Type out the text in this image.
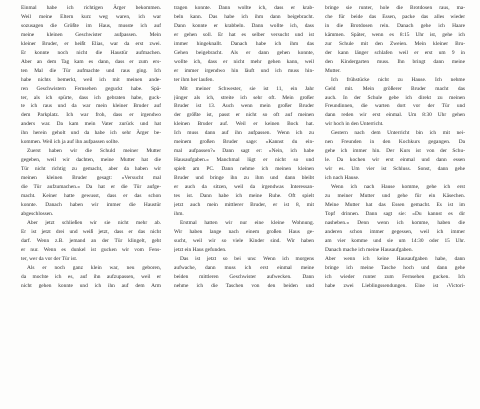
Einmal habe ich richtigen Ärger bekommen.
Weil meine Eltern kurz weg waren, ich war
sozusagen die Größte im Haus, musste ich auf
meine kleinen Geschwister aufpassen. Mein
kleiner Bruder, er heißt Elias, war da erst zwei.
Er konnte noch nicht die Haustür aufmachen.
Aber an dem Tag kam es dann, dass er zum ers-
ten Mal die Tür aufmachte und raus ging. Ich
habe nichts bemerkt, weil ich mit meinen ande-
ren Geschwistern Fernsehen geguckt habe. Spä-
ter, als ich spürte, dass ich gebraten habe, guck-
te ich raus und da war mein kleiner Bruder auf
dem Parkplatz. Ich war froh, dass er irgendwo
anders war. Da kam mein Vater zurück und hat
ihn herein geholt und da habe ich sehr Ärger be-
kommen. Weil ich ja auf ihn aufpassen sollte.
Zuerst haben wir die Schuld meiner Mutter
gegeben, weil wir dachten, meine Mutter hat die
Tür nicht richtig zu gemacht, aber da haben wir
meinen kleinen Bruder gesagt: »Versucht mal
die Tür aufzumachen.« Da hat er die Tür aufge-
macht. Keiner hatte gewusst, dass er das schon
konnte. Danach haben wir immer die Haustür
abgeschlossen.
Aber jetzt schließen wir sie nicht mehr ab.
Er ist jetzt drei und weiß jetzt, dass er das nicht
darf. Wenn z.B. jemand an der Tür klingelt, geht
er nur. Wenn es dunkel ist gucken wir vom Fens-
ter, wer da vor der Tür ist.
Als er noch ganz klein war, neu geboren,
da mochte ich es, auf ihn aufzupassen, weil er
nicht gehen konnte und ich ihn auf dem Arm
tragen konnte. Dann wollte ich, dass er krab-
beln kann. Das habe ich ihm dann beigebracht.
Dann konnte er krabbeln. Dann wollte ich, dass
er gehen soll. Er hat es selber versucht und ist
immer hingeknallt. Danach habe ich ihm das
Gehen beigebracht. Als er dann gehen konnte,
wollte ich, dass er nicht mehr gehen kann, weil
er immer irgendwo hin läuft und ich muss hin-
ter ihm her laufen.
Mit meiner Schwester, sie ist 11, ein Jahr
jünger als ich, streite ich sehr oft. Mein großer
Bruder ist 13. Auch wenn mein großer Bruder
der größte ist, passt er nicht so oft auf meinen
kleinen Bruder auf. Weil er keinen Bock hat.
Ich muss dann auf ihn aufpassen. Wenn ich zu
meinem großen Bruder sage: »Kannst du ein-
mal aufpassen?« Dann sagt er: »Nein, ich habe
Hausaufgaben.« Manchmal lügt er nicht so und
spielt am PC. Dann nehme ich meinen kleinen
Bruder und bringe ihn zu ihm und dann bleibt
er auch da sitzen, weil da irgendwas Interessan-
tes ist. Dann habe ich meine Ruhe. Oft spielt
jetzt auch mein mittlerer Bruder, er ist 8, mit
ihm.
Erstmal hatten wir nur eine kleine Wohnung.
Wir haben lange nach einem großen Haus ge-
sucht, weil wir so viele Kinder sind. Wir haben
jetzt ein Haus gefunden.
Das ist jetzt so bei uns: Wenn ich morgens
aufwache, dann muss ich erst einmal meine
beiden mittleren Geschwister aufwecken. Dann
nehme ich die Taschen von den beiden und
bringe sie runter, hole die Brotdosen raus, ma-
che für beide das Essen, packe das alles wieder
in die Brotdosen rein. Danach gehe ich Haare
kämmen. Später, wenn es 8:15 Uhr ist, gehe ich
zur Schule mit den Zweien. Mein kleiner Bru-
der kann länger schlafen weil er erst um 9 in
den Kindergarten muss. Ihn bringt dann meine
Mutter.
Ich frühstücke nicht zu Hause. Ich nehme
Geld mit. Mein größerer Bruder macht das
auch. In der Schule gebe ich direkt zu meinen
Freundinnen, die warten dort vor der Tür und
dann reden wir erst einmal. Um 8:30 Uhr gehen
wir hoch in den Unterricht.
Gestern nach dem Unterricht bin ich mit nei-
nen Freunden in den Kochkurs gegangen. Da
gehe ich immer hin. Der Kurs ist von der Schu-
le. Da kochen wir erst einmal und dann essen
wir es. Um vier ist Schluss. Sonst, dann gehe
ich nach Hause.
Wenn ich nach Hause komme, gehe ich erst
zu meiner Mutter und gehe für ein Käsechen.
Meine Mutter hat das Essen gemacht. Es ist im
Topf drinnen. Dann sagt sie: »Du kannst es dir
nasheben.« Denn wenn ich komme, haben die
anderen schon immer gegessen, weil ich immer
am vier komme und sie um 14:30 oder 15 Uhr.
Danach mache ich meine Hausaufgaben.
Aber wenn ich keine Hausaufgaben habe, dann
bringe ich meine Tasche hoch und dann gehe
ich wieder runter zum Fernsehen gucken. Ich
habe zwei Lieblingssendungen. Eine ist ›Victori-
